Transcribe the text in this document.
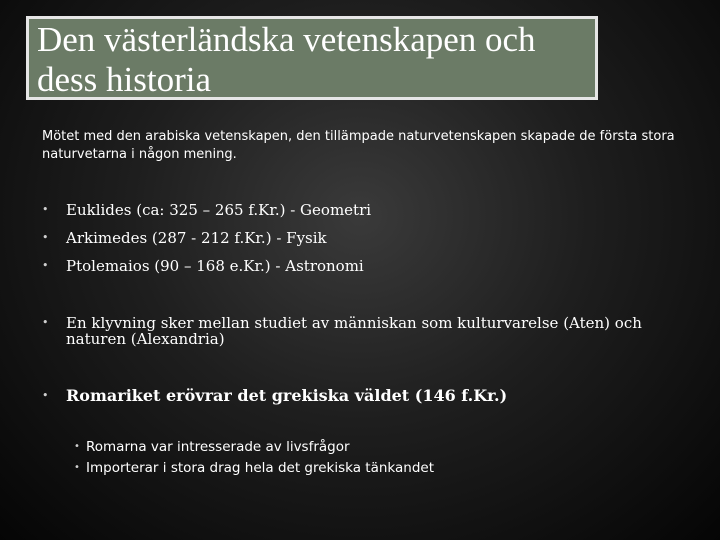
Den västerländska vetenskapen och dess historia

Mötet med den arabiska vetenskapen, den tillämpade naturvetenskapen skapade de första stora naturvetarna i någon mening.

•	Euklides (ca: 325 – 265 f.Kr.) - Geometri
•	Arkimedes (287 - 212 f.Kr.) - Fysik
•	Ptolemaios (90 – 168 e.Kr.) - Astronomi
•	En klyvning sker mellan studiet av människan som kulturvarelse (Aten) och naturen (Alexandria)
•	Romariket erövrar det grekiska väldet (146 f.Kr.)
• Romarna var intresserade av livsfrågor
• Importerar i stora drag hela det grekiska tänkandet
